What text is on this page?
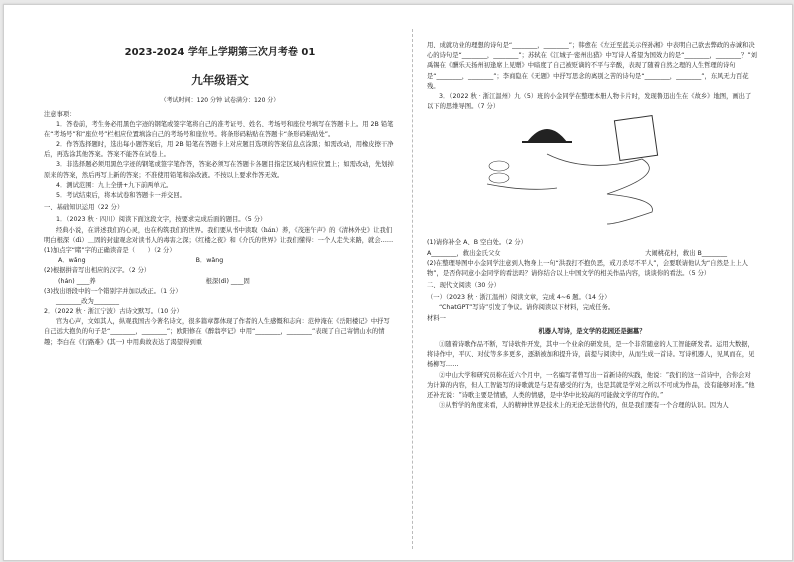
2023-2024 学年上学期第三次月考卷 01
九年级语文
（考试时间：120 分钟 试卷满分：120 分）

注意事项：

1．答卷前，考生务必用黑色字迹的钢笔或签字笔将自己的准考证号、姓名、考场号和座位号填写在答题卡上。用 2B 铅笔在“考场号”和“座位号”栏相应位置填涂自己的考场号和座位号。将条形码粘贴在答题卡“条形码粘贴处”。

2．作答选择题时，选出每小题答案后，用 2B 铅笔在答题卡上对应题目选项的答案信息点涂黑；如需改动，用橡皮擦干净后，再选涂其他答案。答案不能答在试卷上。

3．非选择题必须用黑色字迹的钢笔或签字笔作答，答案必须写在答题卡各题目指定区域内相应位置上；如需改动，先划掉原来的答案，然后再写上新的答案；不准使用铅笔和涂改液。不按以上要求作答无效。

4．测试范围：九上全册+九下前两单元。

5．考试结束后，将本试卷和答题卡一并交回。

一、基础知识运用（22 分）

1．（2023 秋 · 四川）阅读下面这段文字，按要求完成后面的题目。（5 分）

经典小说，在讲述我们的心灵，也在构筑我们的世界。我们要从书中读取（hán）养，《茂迷午声》的《清林外史》让我们明白根深（dì）＿固的封建观念对读书人的毒害之深；《红楼之夜》和《介氏的世界》让我们懂得：一个人走失来路，就会……

(1)加点字“睹”字的正确读音是（　　）（2 分）

A．wǎng	B．wǎng

(2)根据拼音写出相应的汉字。（2 分）

(hán) ____养	根深(dì) ____固

(3)找出语段中的一个错别字并加以改正。（1 分）

________改为________

2．（2022 秋 · 浙江宁波）古诗文默写。（10 分）

官为心声，文如其人，纵观我国古今著名诗文，很多篇章都体现了作者的人生感慨和志向：范仲淹在《岳阳楼记》中抒写自己远大抱负的句子是“________，________”；欧阳修在《醉翁亭记》中用“________，________”表现了自己寄情山水的情趣；李白在《行路难》(其一) 中用典故表达了渴望得到重

用、成就功业的理想的诗句是“________，________”；韩愈在《左迁至蓝关示侄孙湘》中表明自己欲去弊政的赤诚和决心的诗句是“________，________”；苏轼在《江城子·密州出猎》中写诗人希望为国效力的是“________，________？”刘禹锡在《酬乐天扬州初逢席上见赠》中暗度了自己被贬谪的不平与辛酸，表现了随着自然之理的人生哲理的诗句是“________，________”；李商隐在《无题》中抒写思念的离别之苦的诗句是“________，________”，东风无力百花残。

3．（2022 秋 · 浙江温州）九（5）班的小金同学在整理本册人物卡片时，发现鲁迅出生在《故乡》地图，画出了以下的思维导图。（7 分）

(1)请你补全 A、B 空白处。（2 分）

A________，救出金氏父女	大闹桃花村，救出 B________

(2)在整理导图中小金同学注意到人物身上一句“洪我打不抱负恶，戒刀杀尽不平人”，会要联请他认为“自然是上上人物”，是否你同意小金同学的看法吗？请你结合以上中国文学的相关作品内容，谈谈你的看法。（5 分）

二、现代文阅读（30 分）

（一）（2023 秋 · 浙江温州）阅读文章，完成 4~6 题。（14 分）

“ChatGPT”写诗”引发了争议。请你阅读以下材料，完成任务。

材料一

机器人写诗，是文学的花园还是掘墓？

①随着诗歌作品不断，写诗软件开发，其中一个业余的研发员，是一个非常随意的人工智能研发者。运用大数据，将诗作中，平仄、对仗等多多更多，逐渐被加和提升诗，前提与阅读中，从而生成一首诗。写诗机器人，见风而在，见杨柳写……

②中山大学和研究员称在近六个月中，一名编写者曾写出一首新诗的实践，他说：“我们的这一首诗中，合你会对为计算的内容，但人工智能写的诗歌就是与是有感受的行为，也是其就是学对之所以不可成为作品，没有能够对准。”他还补充说：“诗歌主要是情感，人类的情感，是中华中比较高的可能做文学的写作的。”

③从哲学的角度来看，人的精神世界是技术上的无论无法替代的，但是我们要有一个合理的认识。因为人
